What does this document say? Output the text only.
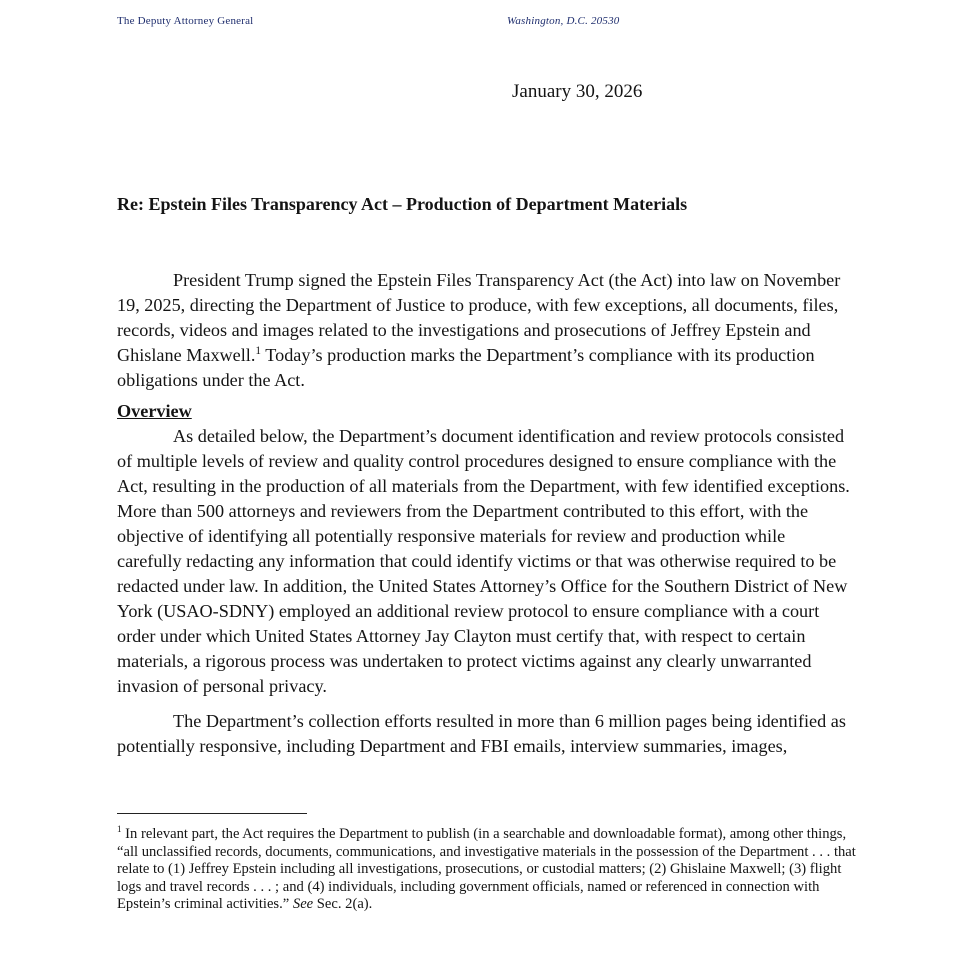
The Deputy Attorney General	Washington, D.C. 20530
January 30, 2026
Re: Epstein Files Transparency Act – Production of Department Materials

President Trump signed the Epstein Files Transparency Act (the Act) into law on November 19, 2025, directing the Department of Justice to produce, with few exceptions, all documents, files, records, videos and images related to the investigations and prosecutions of Jeffrey Epstein and Ghislane Maxwell.$^1$ Today’s production marks the Department’s compliance with its production obligations under the Act.

Overview

As detailed below, the Department’s document identification and review protocols consisted of multiple levels of review and quality control procedures designed to ensure compliance with the Act, resulting in the production of all materials from the Department, with few identified exceptions. More than 500 attorneys and reviewers from the Department contributed to this effort, with the objective of identifying all potentially responsive materials for review and production while carefully redacting any information that could identify victims or that was otherwise required to be redacted under law. In addition, the United States Attorney’s Office for the Southern District of New York (USAO-SDNY) employed an additional review protocol to ensure compliance with a court order under which United States Attorney Jay Clayton must certify that, with respect to certain materials, a rigorous process was undertaken to protect victims against any clearly unwarranted invasion of personal privacy.

The Department’s collection efforts resulted in more than 6 million pages being identified as potentially responsive, including Department and FBI emails, interview summaries, images,

$^1$ In relevant part, the Act requires the Department to publish (in a searchable and downloadable format), among other things, “all unclassified records, documents, communications, and investigative materials in the possession of the Department . . . that relate to (1) Jeffrey Epstein including all investigations, prosecutions, or custodial matters; (2) Ghislaine Maxwell; (3) flight logs and travel records . . . ; and (4) individuals, including government officials, named or referenced in connection with Epstein’s criminal activities.” See Sec. 2(a).
